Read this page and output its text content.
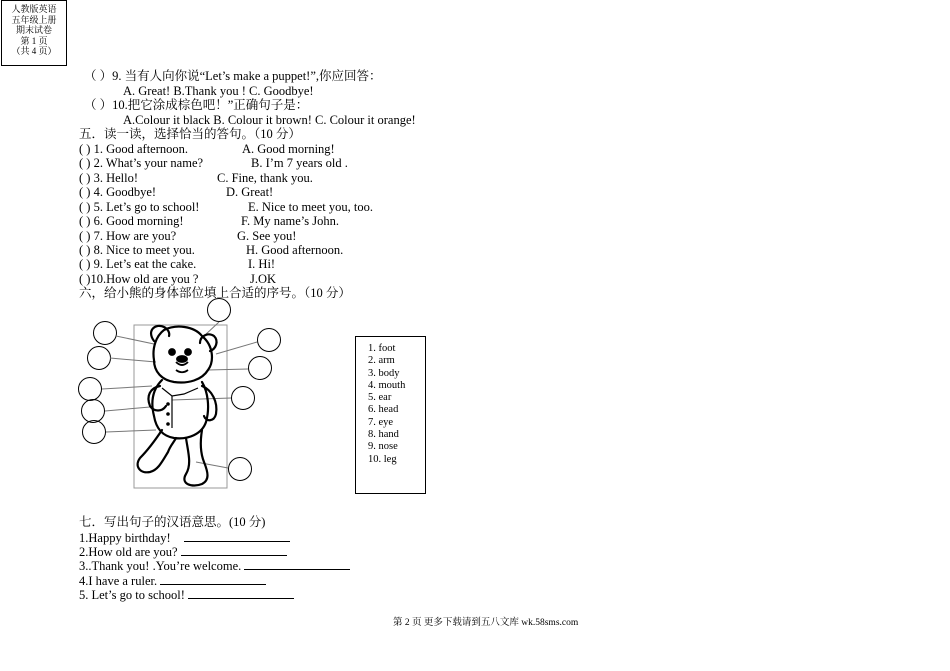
人教版英语
五年级上册
期末试卷
第 1 页
（共 4 页）
（ ）9. 当有人向你说“Let’s make a puppet!”,你应回答：
A. Great! B.Thank you ! C. Goodbye!
（ ）10.把它涂成棕色吧！”正确句子是：
A.Colour it black B. Colour it brown! C. Colour it orange!
五．读一读，选择恰当的答句。（10 分）
( ) 1. Good afternoon.	A. Good morning!
( ) 2. What’s your name?	B. I’m 7 years old .
( ) 3. Hello!	C. Fine, thank you.
( ) 4. Goodbye!	D. Great!
( ) 5. Let’s go to school!	E. Nice to meet you, too.
( ) 6. Good morning!	F. My name’s John.
( ) 7. How are you?	G. See you!
( ) 8. Nice to meet you.	H. Good afternoon.
( ) 9. Let’s eat the cake.	I. Hi!
( )10.How old are you ?	J.OK
六，给小熊的身体部位填上合适的序号。（10 分）
1. foot
2. arm
3. body
4. mouth
5. ear
6. head
7. eye
8. hand
9. nose
10. leg
七．写出句子的汉语意思。(10 分)
1.Happy birthday!
2.How old are you?
3..Thank you! .You’re welcome.
4.I have a ruler.
5. Let’s go to school!
第 2 页 更多下载请到五八文库 wk.58sms.com
